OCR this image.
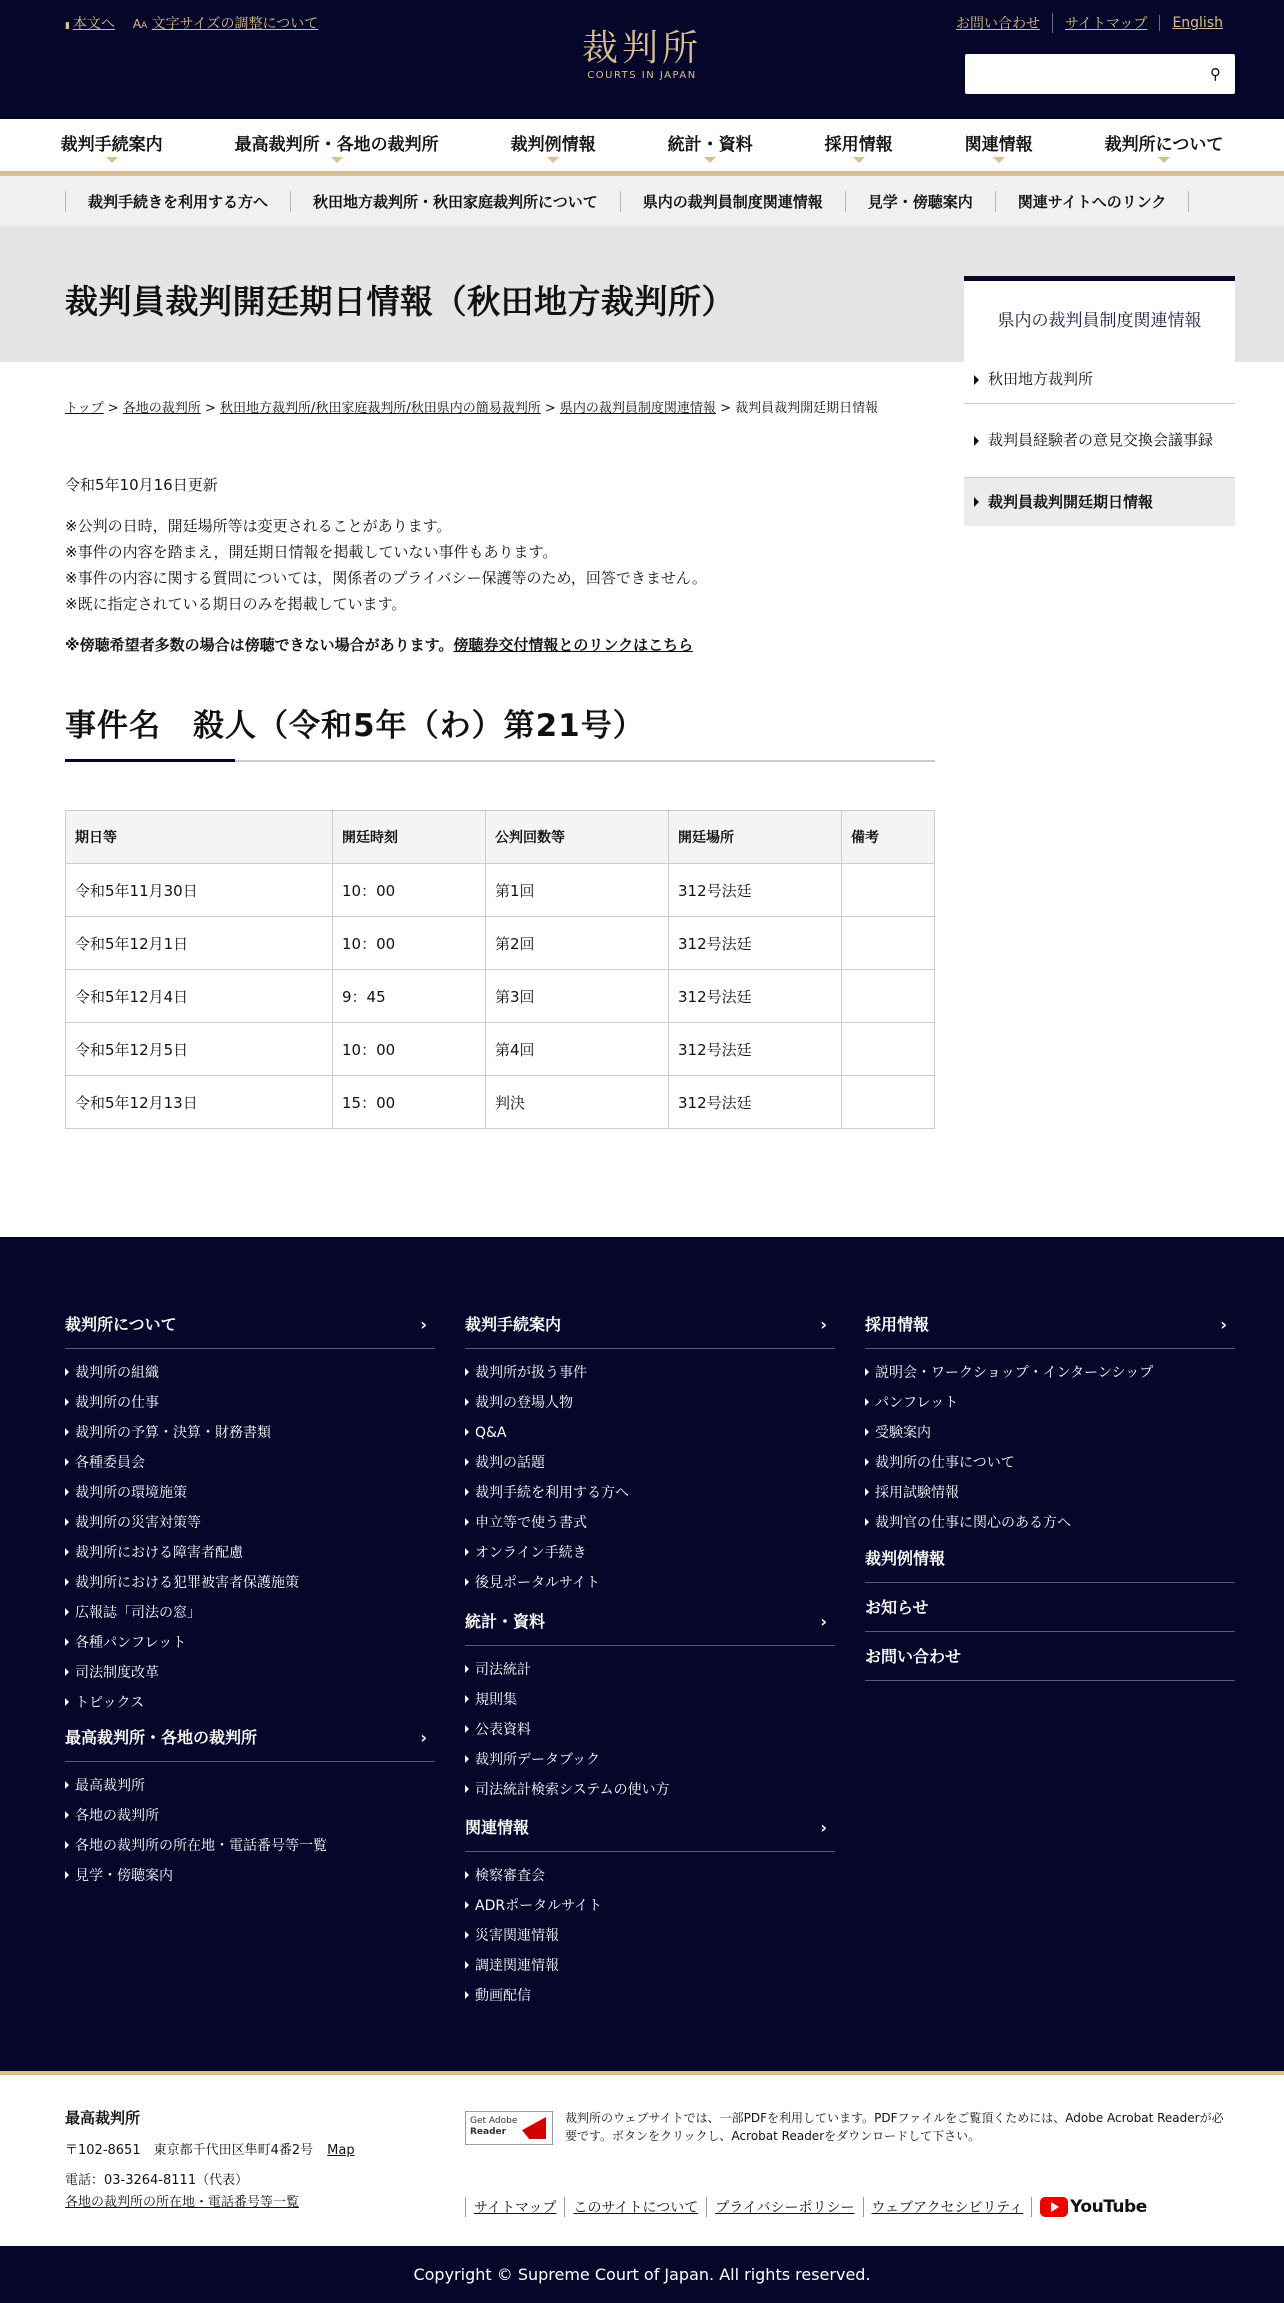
▮ 本文へ AA 文字サイズの調整について	お問い合わせ	サイトマップ	English
裁判所
COURTS IN JAPAN	⚲
裁判手続案内	最高裁判所・各地の裁判所	裁判例情報	統計・資料	採用情報	関連情報	裁判所について
裁判手続きを利用する方へ	秋田地方裁判所・秋田家庭裁判所について	県内の裁判員制度関連情報	見学・傍聴案内	関連サイトへのリンク
裁判員裁判開廷期日情報（秋田地方裁判所）	県内の裁判員制度関連情報
秋田地方裁判所
裁判員経験者の意見交換会議事録
裁判員裁判開廷期日情報
トップ > 各地の裁判所 > 秋田地方裁判所/秋田家庭裁判所/秋田県内の簡易裁判所 > 県内の裁判員制度関連情報 > 裁判員裁判開廷期日情報
令和5年10月16日更新
※公判の日時，開廷場所等は変更されることがあります。
※事件の内容を踏まえ，開廷期日情報を掲載していない事件もあります。
※事件の内容に関する質問については，関係者のプライバシー保護等のため，回答できません。
※既に指定されている期日のみを掲載しています。
※傍聴希望者多数の場合は傍聴できない場合があります。傍聴券交付情報とのリンクはこちら
事件名　殺人（令和5年（わ）第21号）
期日等	開廷時刻	公判回数等	開廷場所	備考
令和5年11月30日	10：00	第1回	312号法廷	
令和5年12月1日	10：00	第2回	312号法廷	
令和5年12月4日	9：45	第3回	312号法廷	
令和5年12月5日	10：00	第4回	312号法廷	
令和5年12月13日	15：00	判決	312号法廷	
裁判所について	›
裁判所の組織
裁判所の仕事
裁判所の予算・決算・財務書類
各種委員会
裁判所の環境施策
裁判所の災害対策等
裁判所における障害者配慮
裁判所における犯罪被害者保護施策
広報誌「司法の窓」
各種パンフレット
司法制度改革
トピックス
最高裁判所・各地の裁判所	›
最高裁判所
各地の裁判所
各地の裁判所の所在地・電話番号等一覧
見学・傍聴案内
裁判手続案内	›
裁判所が扱う事件
裁判の登場人物
Q&A
裁判の話題
裁判手続を利用する方へ
申立等で使う書式
オンライン手続き
後見ポータルサイト
統計・資料	›
司法統計
規則集
公表資料
裁判所データブック
司法統計検索システムの使い方
関連情報	›
検察審査会
ADRポータルサイト
災害関連情報
調達関連情報
動画配信
採用情報	›
説明会・ワークショップ・インターンシップ
パンフレット
受験案内
裁判所の仕事について
採用試験情報
裁判官の仕事に関心のある方へ
裁判例情報
お知らせ
お問い合わせ
最高裁判所
〒102-8651　東京都千代田区隼町4番2号 Map
電話：03-3264-8111（代表）
各地の裁判所の所在地・電話番号等一覧
Get Adobe
Reader
裁判所のウェブサイトでは、一部PDFを利用しています。PDFファイルをご覧頂くためには、Adobe Acrobat Readerが必要です。ボタンをクリックし、Acrobat Readerをダウンロードして下さい。
サイトマップ	このサイトについて	プライバシーポリシー	ウェブアクセシビリティ	YouTube
Copyright © Supreme Court of Japan. All rights reserved.
